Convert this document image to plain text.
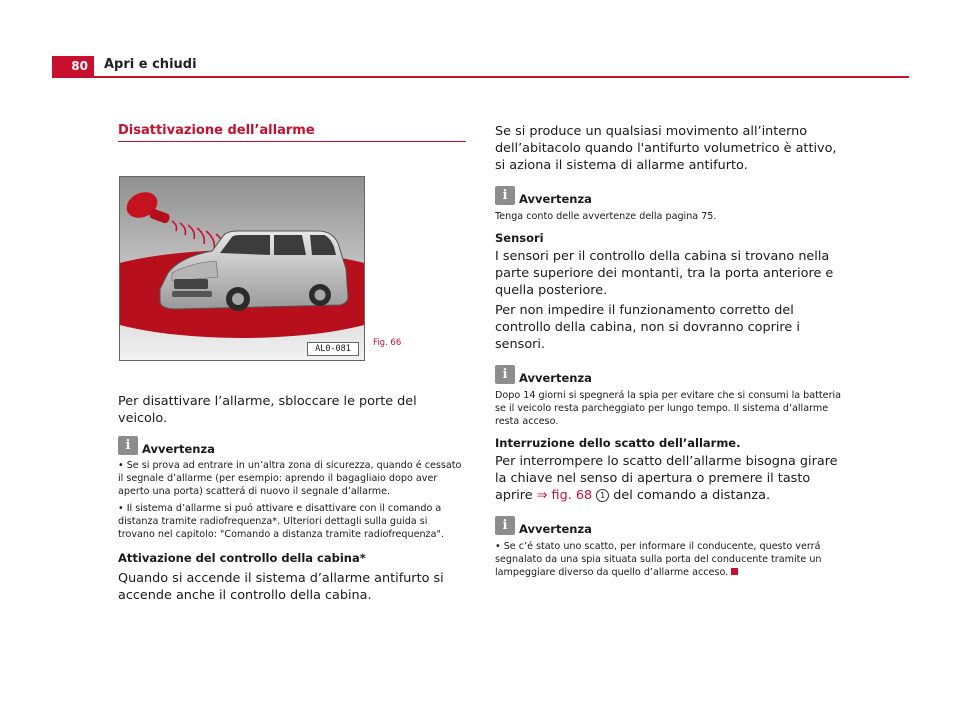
80	Apri e chiudi
Disattivazione dell’allarme
AL0-081
Fig. 66

Per disattivare l’allarme, sbloccare le porte del veicolo.

i	Avvertenza

• Se si prova ad entrare in un’altra zona di sicurezza, quando é cessato il segnale d’allarme (per esempio: aprendo il bagagliaio dopo aver aperto una porta) scatterá di nuovo il segnale d’allarme.

• Il sistema d’allarme si puó attivare e disattivare con il comando a distanza tramite radiofrequenza*. Ulteriori dettagli sulla guida si trovano nel capitolo: "Comando a distanza tramite radiofrequenza".

Attivazione del controllo della cabina*

Quando si accende il sistema d’allarme antifurto si accende anche il controllo della cabina.

Se si produce un qualsiasi movimento all’interno dell’abitacolo quando l'antifurto volumetrico è attivo, si aziona il sistema di allarme antifurto.

i	Avvertenza

Tenga conto delle avvertenze della pagina 75.

Sensori

I sensori per il controllo della cabina si trovano nella parte superiore dei montanti, tra la porta anteriore e quella posteriore.

Per non impedire il funzionamento corretto del controllo della cabina, non si dovranno coprire i sensori.

i	Avvertenza

Dopo 14 giorni si spegnerá la spia per evitare che si consumi la batteria se il veicolo resta parcheggiato per lungo tempo. Il sistema d’allarme resta acceso.

Interruzione dello scatto dell’allarme.

Per interrompere lo scatto dell’allarme bisogna girare la chiave nel senso di apertura o premere il tasto aprire ⇒ fig. 68 1 del comando a distanza.

i	Avvertenza

• Se c’é stato uno scatto, per informare il conducente, questo verrá segnalato da una spia situata sulla porta del conducente tramite un lampeggiare diverso da quello d’allarme acceso.
